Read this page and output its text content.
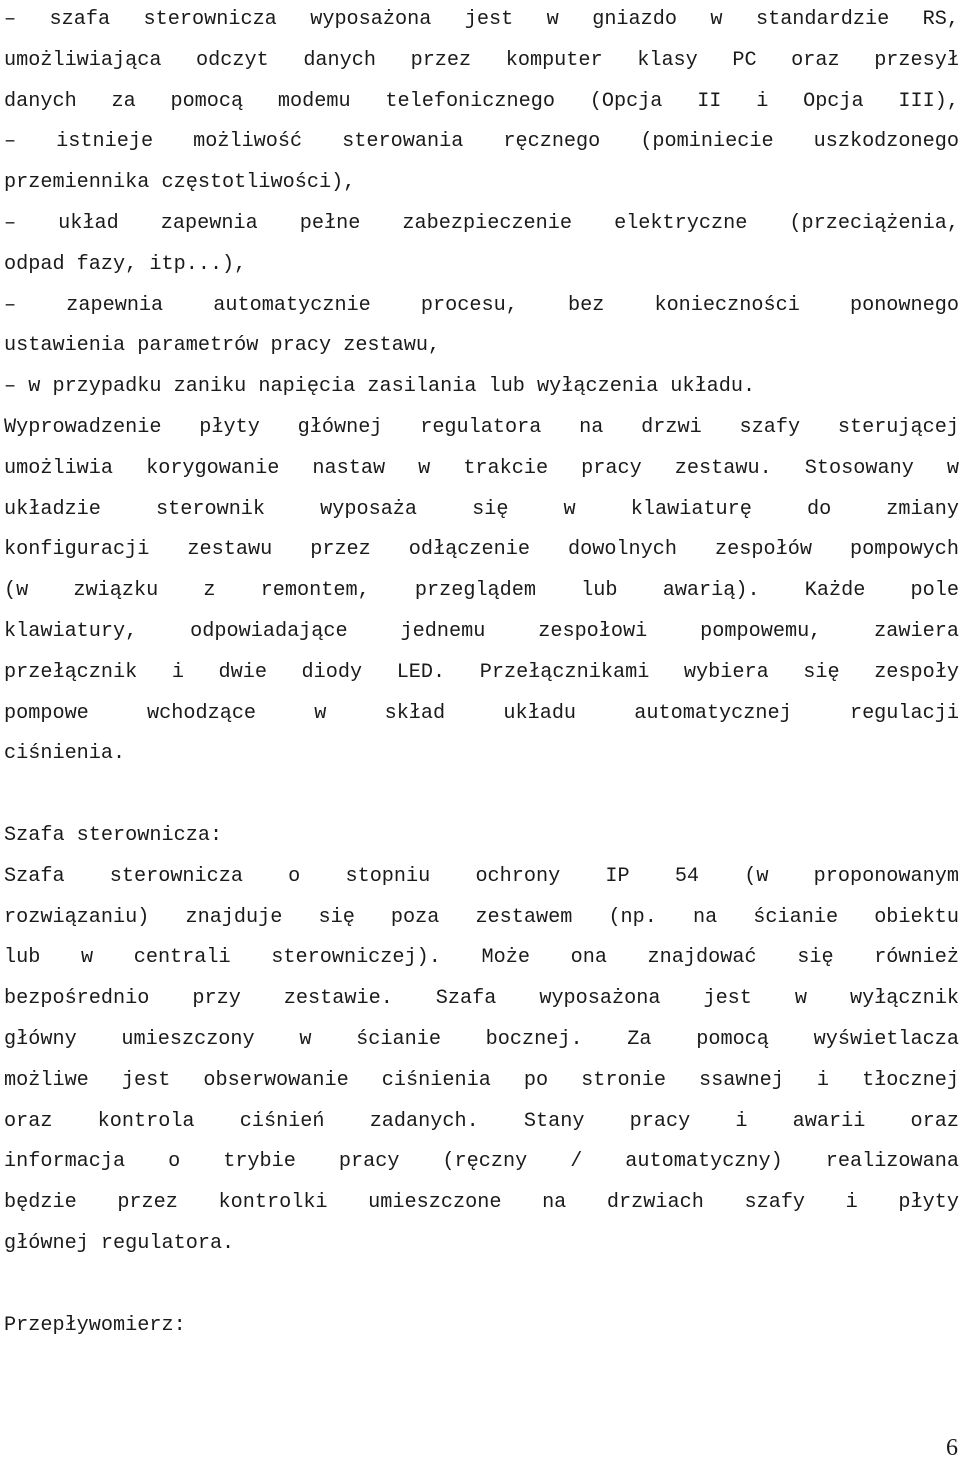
– szafa sterownicza wyposażona jest w gniazdo w standardzie RS,
umożliwiająca odczyt danych przez komputer klasy PC oraz przesył
danych za pomocą modemu telefonicznego (Opcja II i Opcja III),
– istnieje możliwość sterowania ręcznego (pominiecie uszkodzonego
przemiennika częstotliwości),
– układ zapewnia pełne zabezpieczenie elektryczne (przeciążenia,
odpad fazy, itp...),
– zapewnia automatycznie procesu, bez konieczności ponownego
ustawienia parametrów pracy zestawu,
– w przypadku zaniku napięcia zasilania lub wyłączenia układu.
Wyprowadzenie płyty głównej regulatora na drzwi szafy sterującej
umożliwia korygowanie nastaw w trakcie pracy zestawu. Stosowany w
układzie sterownik wyposaża się w klawiaturę do zmiany
konfiguracji zestawu przez odłączenie dowolnych zespołów pompowych
(w związku z remontem, przeglądem lub awarią). Każde pole
klawiatury, odpowiadające jednemu zespołowi pompowemu, zawiera
przełącznik i dwie diody LED. Przełącznikami wybiera się zespoły
pompowe wchodzące w skład układu automatycznej regulacji
ciśnienia.
Szafa sterownicza:
Szafa sterownicza o stopniu ochrony IP 54 (w proponowanym
rozwiązaniu) znajduje się poza zestawem (np. na ścianie obiektu
lub w centrali sterowniczej). Może ona znajdować się również
bezpośrednio przy zestawie. Szafa wyposażona jest w wyłącznik
główny umieszczony w ścianie bocznej. Za pomocą wyświetlacza
możliwe jest obserwowanie ciśnienia po stronie ssawnej i tłocznej
oraz kontrola ciśnień zadanych. Stany pracy i awarii oraz
informacja o trybie pracy (ręczny / automatyczny) realizowana
będzie przez kontrolki umieszczone na drzwiach szafy i płyty
głównej regulatora.
Przepływomierz:
6
